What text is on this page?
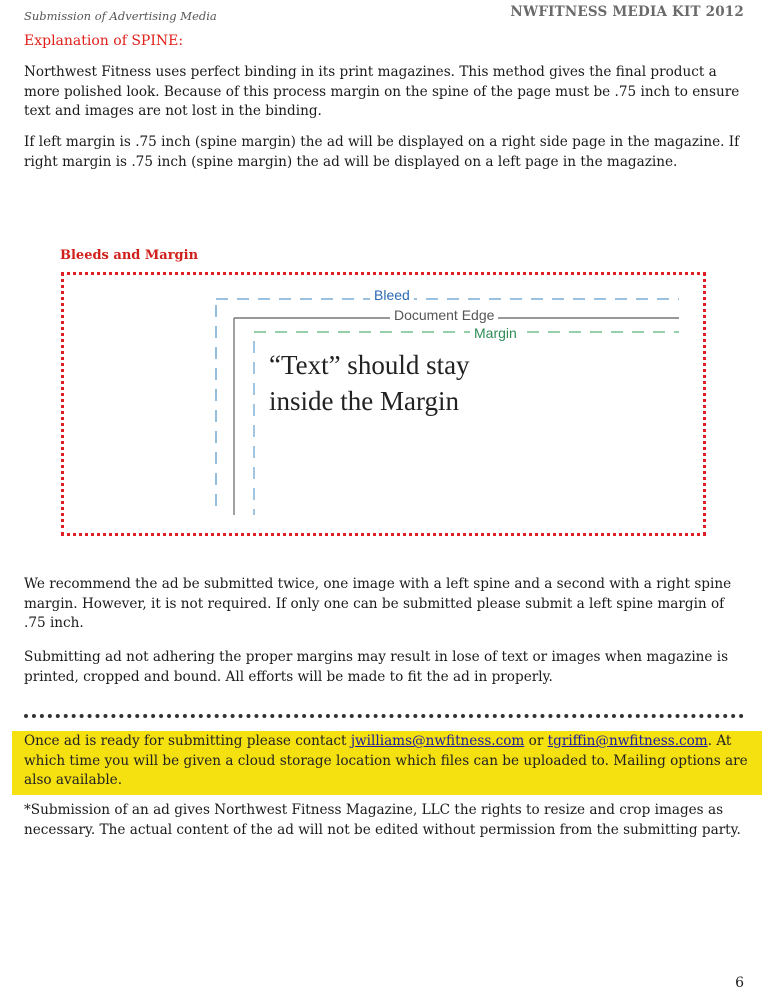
Submission of Advertising Media	NWFITNESS MEDIA KIT 2012
Explanation of SPINE:

Northwest Fitness uses perfect binding in its print magazines. This method gives the final product a more polished look. Because of this process margin on the spine of the page must be .75 inch to ensure text and images are not lost in the binding.

If left margin is .75 inch (spine margin) the ad will be displayed on a right side page in the magazine. If right margin is .75 inch (spine margin) the ad will be displayed on a left page in the magazine.

Bleeds and Margin
Bleed
Document Edge
Margin
“Text” should stay
inside the Margin

We recommend the ad be submitted twice, one image with a left spine and a second with a right spine margin. However, it is not required. If only one can be submitted please submit a left spine margin of .75 inch.

Submitting ad not adhering the proper margins may result in lose of text or images when magazine is printed, cropped and bound. All efforts will be made to fit the ad in properly.

Once ad is ready for submitting please contact jwilliams@nwfitness.com or tgriffin@nwfitness.com. At which time you will be given a cloud storage location which files can be uploaded to. Mailing options are also available.

*Submission of an ad gives Northwest Fitness Magazine, LLC the rights to resize and crop images as necessary. The actual content of the ad will not be edited without permission from the submitting party.

6
